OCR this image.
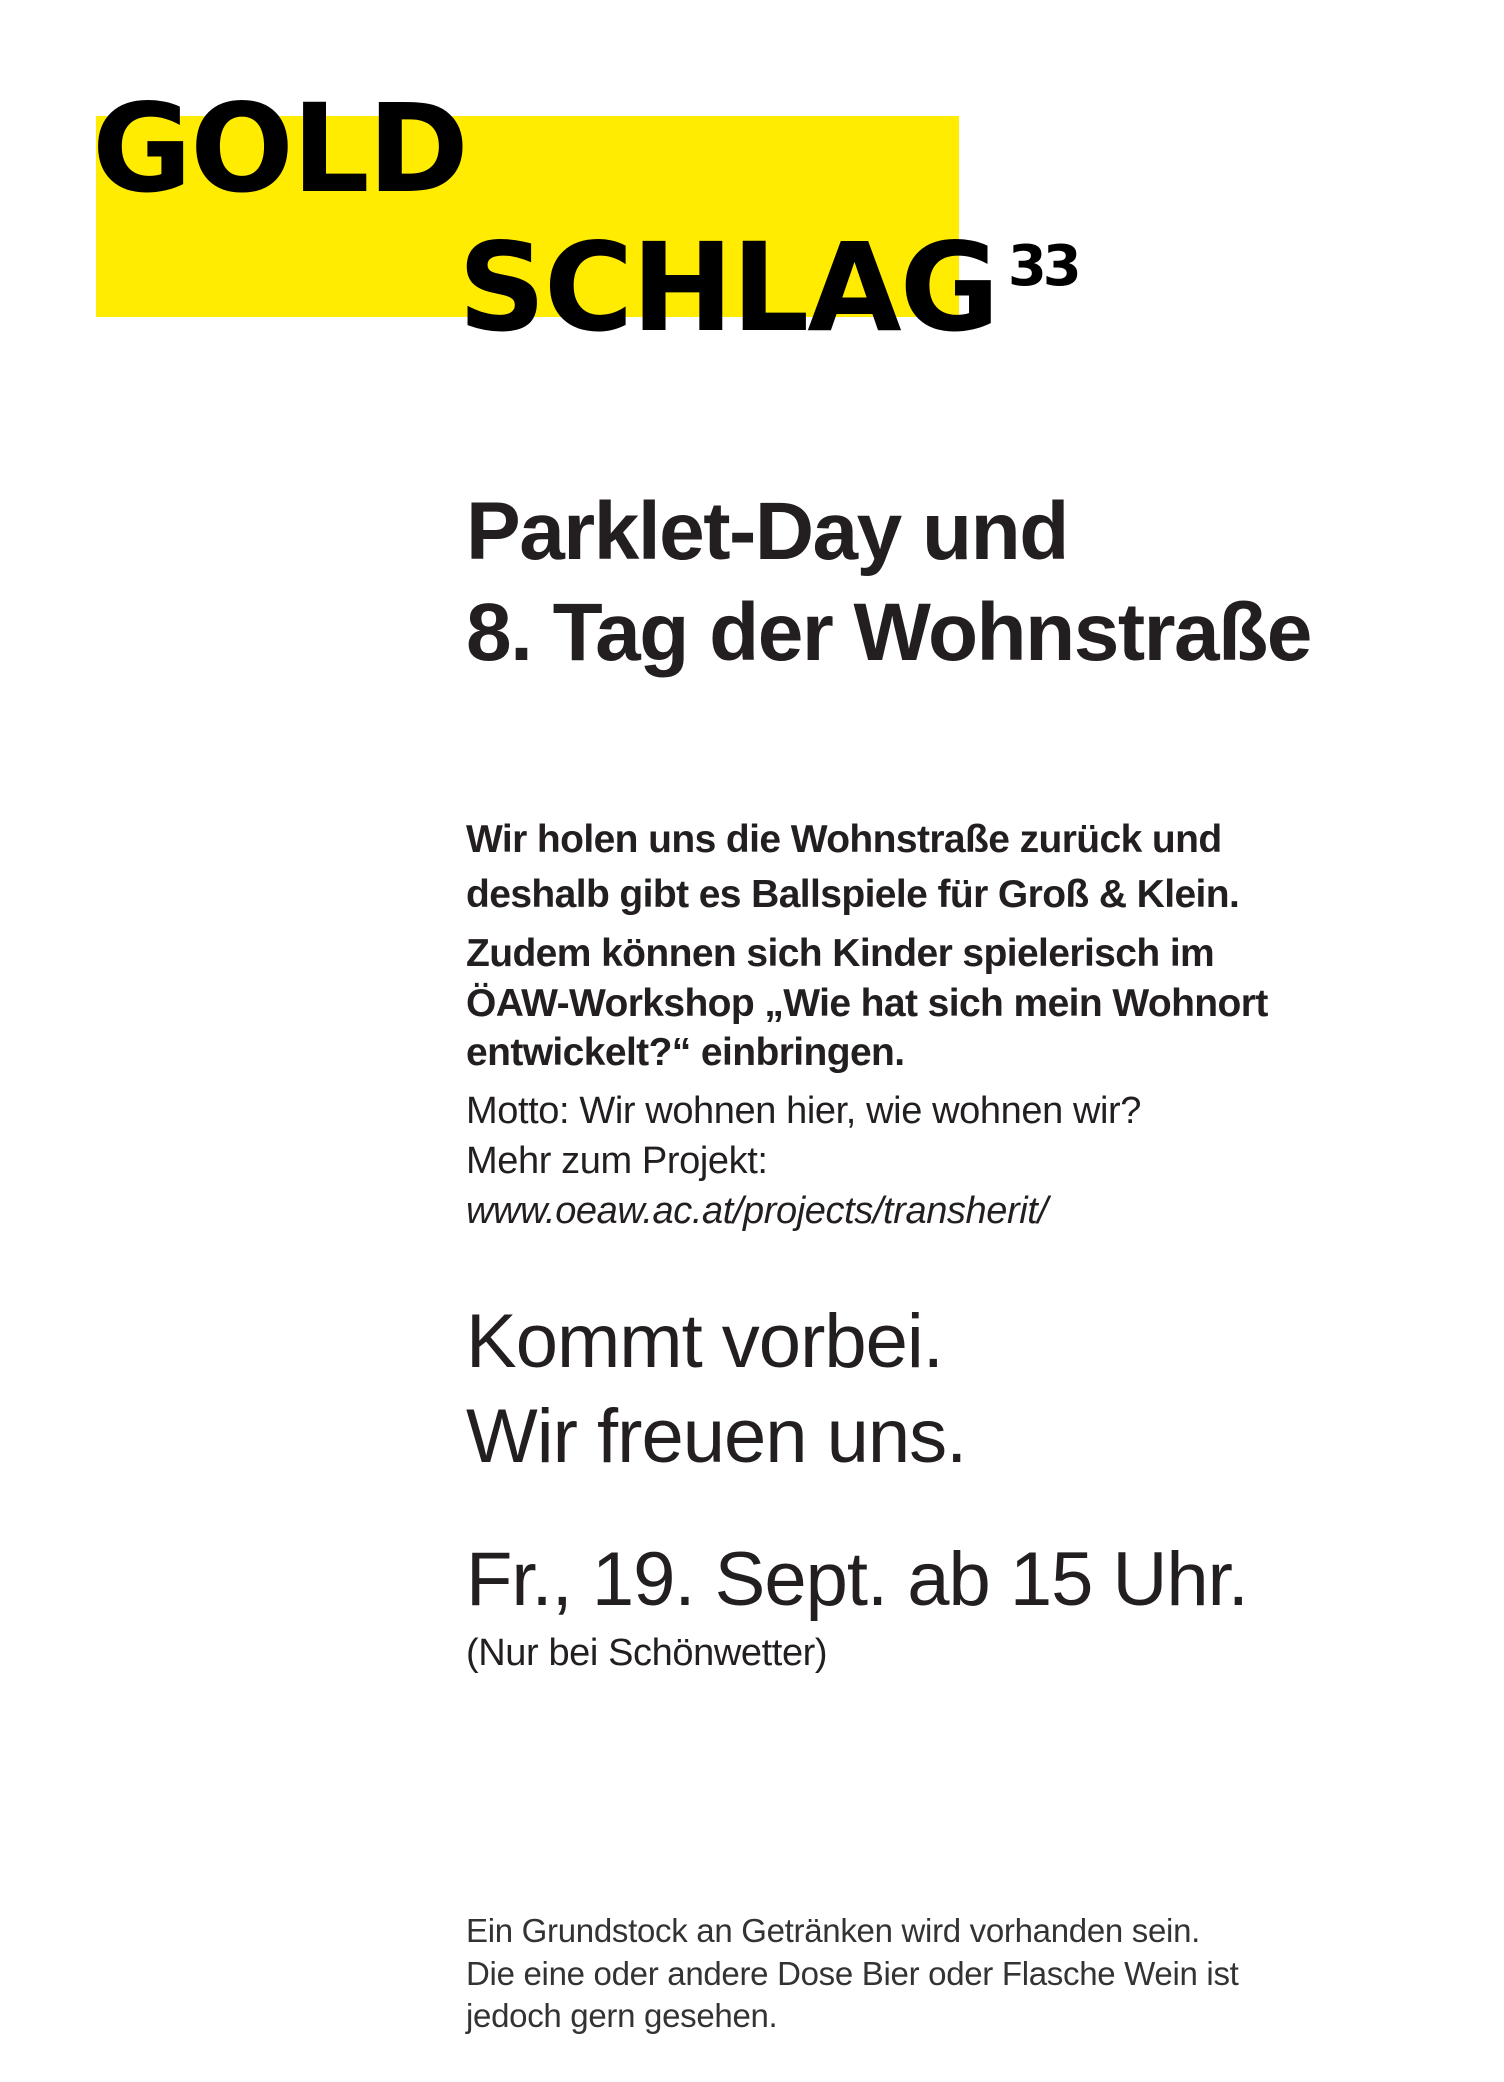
GOLD
SCHLAG 33
Parklet-Day und
8. Tag der Wohnstraße
Wir holen uns die Wohnstraße zurück und
deshalb gibt es Ballspiele für Groß & Klein.
Zudem können sich Kinder spielerisch im
ÖAW-Workshop „Wie hat sich mein Wohnort
entwickelt?“ einbringen.
Motto: Wir wohnen hier, wie wohnen wir?
Mehr zum Projekt:
www.oeaw.ac.at/projects/transherit/
Kommt vorbei.
Wir freuen uns.
Fr., 19. Sept. ab 15 Uhr.
(Nur bei Schönwetter)
Ein Grundstock an Getränken wird vorhanden sein.
Die eine oder andere Dose Bier oder Flasche Wein ist
jedoch gern gesehen.
